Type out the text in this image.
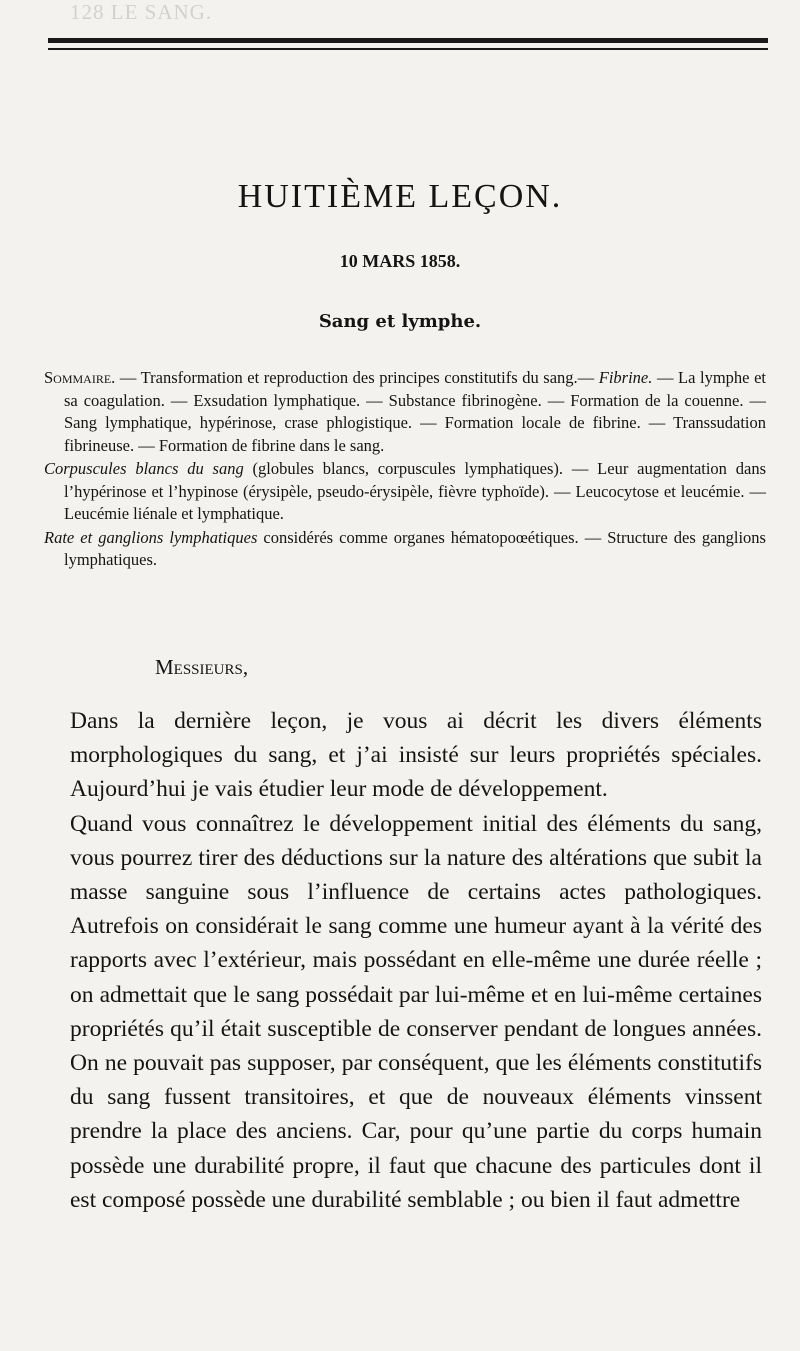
128 LE SANG.
HUITIÈME LEÇON.
10 MARS 1858.
Sang et lymphe.

Sommaire. — Transformation et reproduction des principes constitutifs du sang.— Fibrine. — La lymphe et sa coagulation. — Exsudation lymphatique. — Substance fibrinogène. — Formation de la couenne. — Sang lymphatique, hypérinose, crase phlogistique. — Formation locale de fibrine. — Transsudation fibrineuse. — Formation de fibrine dans le sang.

Corpuscules blancs du sang (globules blancs, corpuscules lymphatiques). — Leur augmentation dans l’hypérinose et l’hypinose (érysipèle, pseudo-érysipèle, fièvre typhoïde). — Leucocytose et leucémie. — Leucémie liénale et lymphatique.

Rate et ganglions lymphatiques considérés comme organes hématopoœétiques. — Structure des ganglions lymphatiques.

Messieurs,

Dans la dernière leçon, je vous ai décrit les divers éléments morphologiques du sang, et j’ai insisté sur leurs propriétés spéciales. Aujourd’hui je vais étudier leur mode de développement.

Quand vous connaîtrez le développement initial des éléments du sang, vous pourrez tirer des déductions sur la nature des altérations que subit la masse sanguine sous l’influence de certains actes pathologiques. Autrefois on considérait le sang comme une humeur ayant à la vérité des rapports avec l’extérieur, mais possédant en elle-même une durée réelle ; on admettait que le sang possédait par lui-même et en lui-même certaines propriétés qu’il était susceptible de conserver pendant de longues années. On ne pouvait pas supposer, par conséquent, que les éléments constitutifs du sang fussent transitoires, et que de nouveaux éléments vinssent prendre la place des anciens. Car, pour qu’une partie du corps humain possède une durabilité propre, il faut que chacune des particules dont il est composé possède une durabilité semblable ; ou bien il faut admettre
